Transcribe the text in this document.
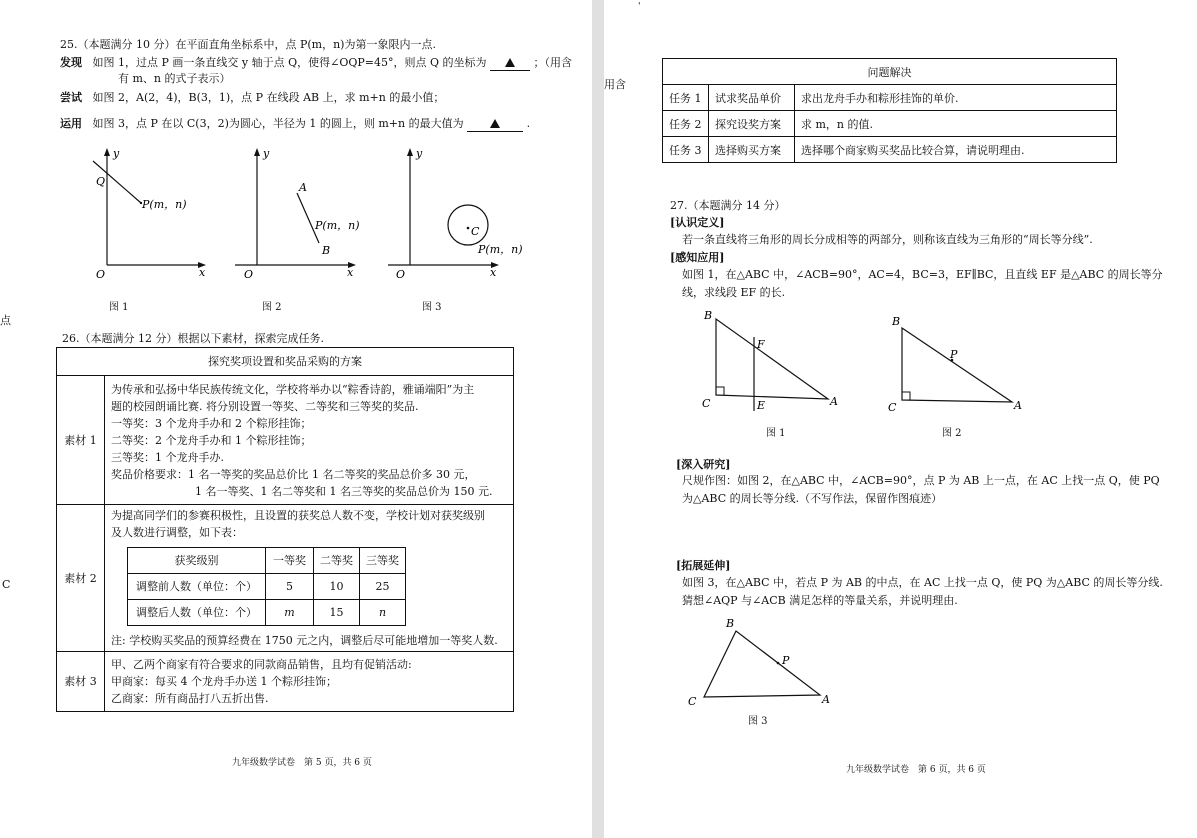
点
C
25.（本题满分 10 分）在平面直角坐标系中，点 P(m，n)为第一象限内一点.
发现 如图 1，过点 P 画一条直线交 y 轴于点 Q，使得∠OQP=45°，则点 Q 的坐标为	；（用含
有 m、n 的式子表示）
尝试 如图 2，A(2，4)，B(3，1)，点 P 在线段 AB 上，求 m+n 的最小值；
运用 如图 3，点 P 在以 C(3，2)为圆心，半径为 1 的圆上，则 m+n 的最大值为	.
y
O	x
Q
P(m，n)
图 1
y
O	x
A
B
P(m，n)
图 2
y
O	x
C
P(m，n)
图 3
26.（本题满分 12 分）根据以下素材，探索完成任务.
探究奖项设置和奖品采购的方案
素材 1	
为传承和弘扬中华民族传统文化，学校将举办以“粽香诗韵，雅诵端阳”为主
题的校园朗诵比赛. 将分别设置一等奖、二等奖和三等奖的奖品.
一等奖：3 个龙舟手办和 2 个粽形挂饰；
二等奖：2 个龙舟手办和 1 个粽形挂饰；
三等奖：1 个龙舟手办.
奖品价格要求：1 名一等奖的奖品总价比 1 名二等奖的奖品总价多 30 元，
1 名一等奖、1 名二等奖和 1 名三等奖的奖品总价为 150 元.

素材 2	
为提高同学们的参赛积极性，且设置的获奖总人数不变，学校计划对获奖级别
及人数进行调整，如下表：
获奖级别	一等奖	二等奖	三等奖
调整前人数（单位：个）	5	10	25
调整后人数（单位：个）	m	15	n
注: 学校购买奖品的预算经费在 1750 元之内，调整后尽可能地增加一等奖人数.

素材 3	
甲、乙两个商家有符合要求的同款商品销售，且均有促销活动:
甲商家：每买 4 个龙舟手办送 1 个粽形挂饰；
乙商家：所有商品打八五折出售.
九年级数学试卷　第 5 页，共 6 页
用含
'
问题解决		
任务 1	试求奖品单价	求出龙舟手办和粽形挂饰的单价.
任务 2	探究设奖方案	求 m，n 的值.
任务 3	选择购买方案	选择哪个商家购买奖品比较合算，请说明理由.
27.（本题满分 14 分）
[认识定义]
若一条直线将三角形的周长分成相等的两部分，则称该直线为三角形的“周长等分线”.
[感知应用]
如图 1，在△ABC 中，∠ACB=90°，AC=4，BC=3，EF∥BC，且直线 EF 是△ABC 的周长等分
线，求线段 EF 的长.
B
F
C	E	A
图 1
B
P
C	A
图 2
[深入研究]
尺规作图：如图 2，在△ABC 中，∠ACB=90°，点 P 为 AB 上一点，在 AC 上找一点 Q，使 PQ
为△ABC 的周长等分线.（不写作法，保留作图痕迹）
[拓展延伸]
如图 3，在△ABC 中，若点 P 为 AB 的中点，在 AC 上找一点 Q，使 PQ 为△ABC 的周长等分线.
猜想∠AQP 与∠ACB 满足怎样的等量关系，并说明理由.
B
P
C	A
图 3
九年级数学试卷　第 6 页，共 6 页
